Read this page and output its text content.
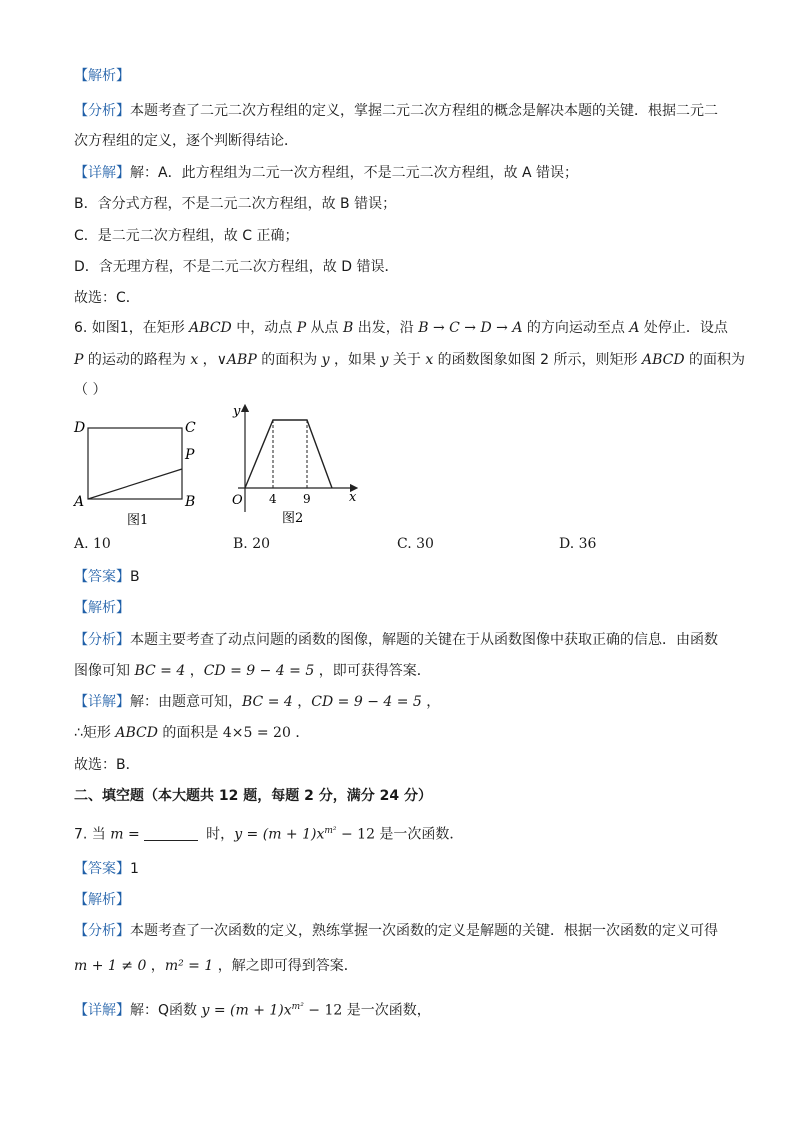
【解析】
【分析】本题考查了二元二次方程组的定义，掌握二元二次方程组的概念是解决本题的关键．根据二元二
次方程组的定义，逐个判断得结论．
【详解】解：A．此方程组为二元一次方程组，不是二元二次方程组，故 A 错误；
B．含分式方程，不是二元二次方程组，故 B 错误；
C．是二元二次方程组，故 C 正确；
D．含无理方程，不是二元二次方程组，故 D 错误．
故选：C．
6. 如图1，在矩形 ABCD 中，动点 P 从点 B 出发，沿 B → C → D → A 的方向运动至点 A 处停止．设点
P 的运动的路程为 x ，∨ABP 的面积为 y ，如果 y 关于 x 的函数图象如图 2 所示，则矩形 ABCD 的面积为
（ ）
D	C
P
A	B
图1
y
x
O 4 9
图2
A. 10	B. 20	C. 30	D. 36
【答案】B
【解析】
【分析】本题主要考查了动点问题的函数的图像，解题的关键在于从函数图像中获取正确的信息．由函数
图像可知 BC = 4 ，CD = 9 − 4 = 5 ，即可获得答案．
【详解】解：由题意可知，BC = 4 ，CD = 9 − 4 = 5 ，
∴矩形 ABCD 的面积是 4×5 = 20 ．
故选：B．
二、填空题（本大题共 12 题，每题 2 分，满分 24 分）
7. 当 m =	时，$y = (m + 1)x^{m^2} - 12$ 是一次函数．
【答案】1
【解析】
【分析】本题考查了一次函数的定义，熟练掌握一次函数的定义是解题的关键．根据一次函数的定义可得
m + 1 ≠ 0 ，m² = 1 ，解之即可得到答案．
【详解】解：Q函数 $y = (m + 1)x^{m^2} - 12$ 是一次函数，
